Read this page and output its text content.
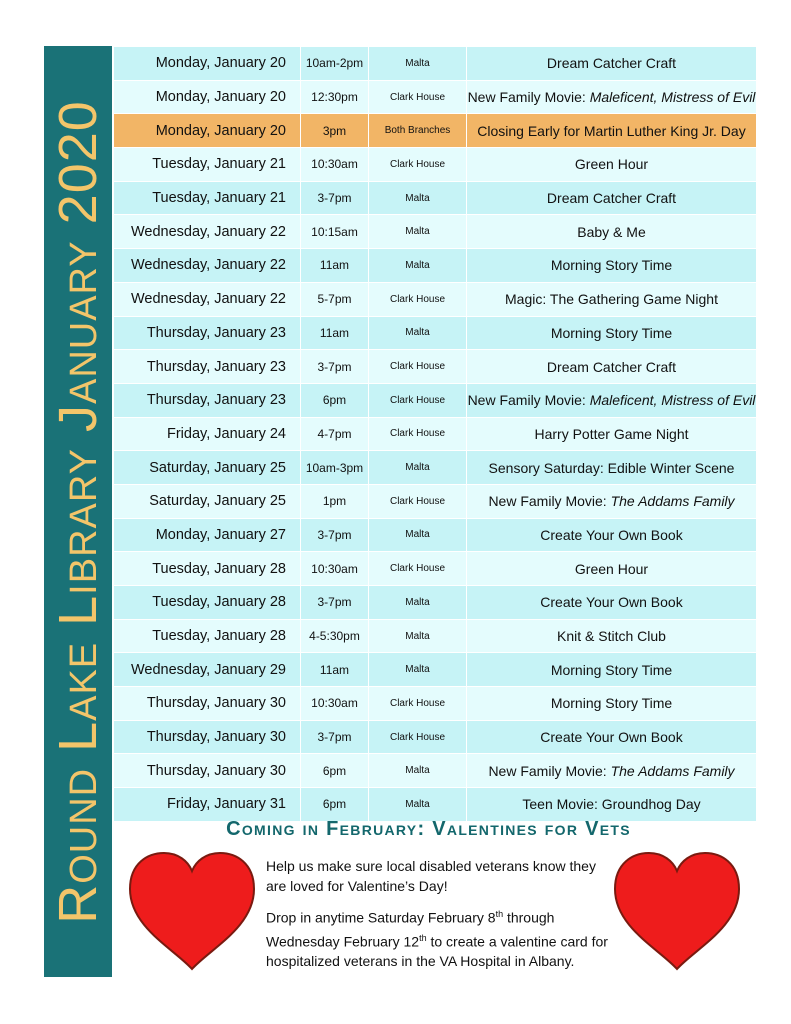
Round Lake Library January 2020
Monday, January 20	10am-2pm	Malta	Dream Catcher Craft
Monday, January 20	12:30pm	Clark House	New Family Movie: Maleficent, Mistress of Evil
Monday, January 20	3pm	Both Branches	Closing Early for Martin Luther King Jr. Day
Tuesday, January 21	10:30am	Clark House	Green Hour
Tuesday, January 21	3-7pm	Malta	Dream Catcher Craft
Wednesday, January 22	10:15am	Malta	Baby & Me
Wednesday, January 22	11am	Malta	Morning Story Time
Wednesday, January 22	5-7pm	Clark House	Magic: The Gathering Game Night
Thursday, January 23	11am	Malta	Morning Story Time
Thursday, January 23	3-7pm	Clark House	Dream Catcher Craft
Thursday, January 23	6pm	Clark House	New Family Movie: Maleficent, Mistress of Evil
Friday, January 24	4-7pm	Clark House	Harry Potter Game Night
Saturday, January 25	10am-3pm	Malta	Sensory Saturday: Edible Winter Scene
Saturday, January 25	1pm	Clark House	New Family Movie: The Addams Family
Monday, January 27	3-7pm	Malta	Create Your Own Book
Tuesday, January 28	10:30am	Clark House	Green Hour
Tuesday, January 28	3-7pm	Malta	Create Your Own Book
Tuesday, January 28	4-5:30pm	Malta	Knit & Stitch Club
Wednesday, January 29	11am	Malta	Morning Story Time
Thursday, January 30	10:30am	Clark House	Morning Story Time
Thursday, January 30	3-7pm	Clark House	Create Your Own Book
Thursday, January 30	6pm	Malta	New Family Movie: The Addams Family
Friday, January 31	6pm	Malta	Teen Movie: Groundhog Day
Coming in February: Valentines for Vets

Help us make sure local disabled veterans know they are loved for Valentine’s Day!

Drop in anytime Saturday February 8th through Wednesday February 12th to create a valentine card for hospitalized veterans in the VA Hospital in Albany.
